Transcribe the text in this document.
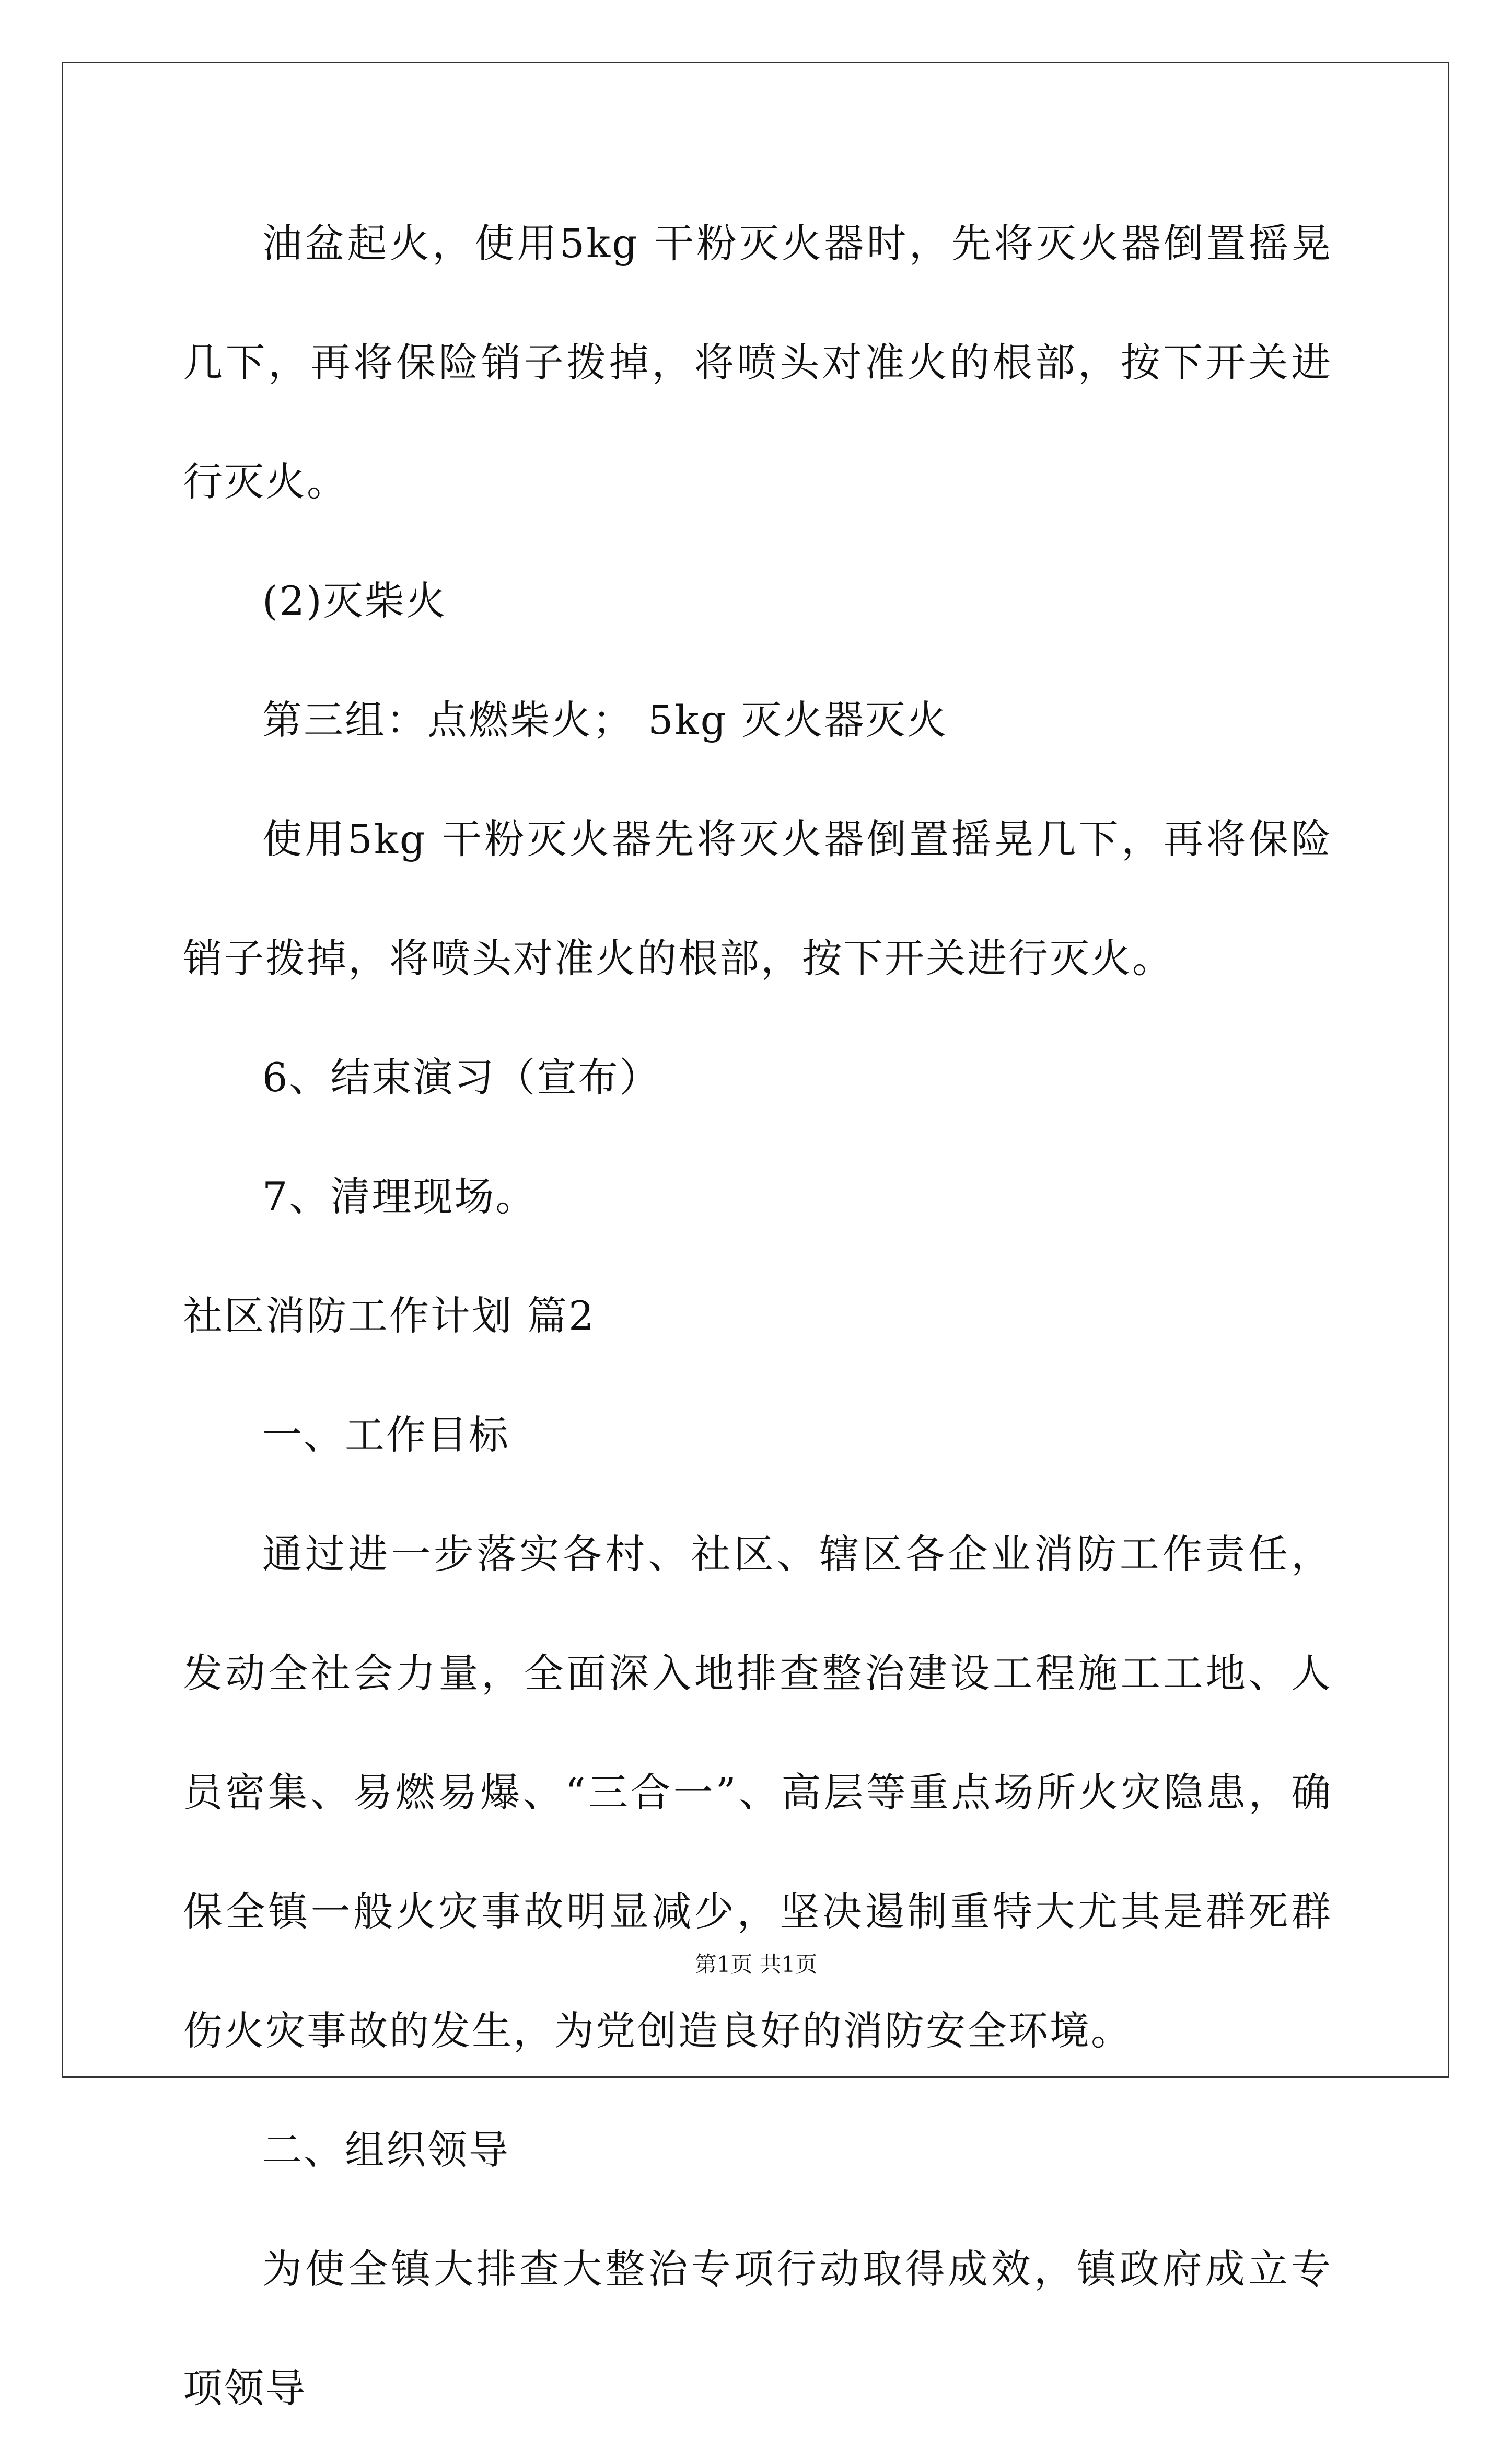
油盆起火，使用5kg 干粉灭火器时，先将灭火器倒置摇晃几下，再将保险销子拨掉，将喷头对准火的根部，按下开关进行灭火。

(2)灭柴火

第三组：点燃柴火； 5kg 灭火器灭火

使用5kg 干粉灭火器先将灭火器倒置摇晃几下，再将保险销子拨掉，将喷头对准火的根部，按下开关进行灭火。

6、结束演习（宣布）

7、清理现场。

社区消防工作计划 篇2

一、工作目标

通过进一步落实各村、社区、辖区各企业消防工作责任，发动全社会力量，全面深入地排查整治建设工程施工工地、人员密集、易燃易爆、“三合一”、高层等重点场所火灾隐患，确保全镇一般火灾事故明显减少，坚决遏制重特大尤其是群死群伤火灾事故的发生，为党创造良好的消防安全环境。

二、组织领导

为使全镇大排查大整治专项行动取得成效，镇政府成立专项领导

第1页 共1页
